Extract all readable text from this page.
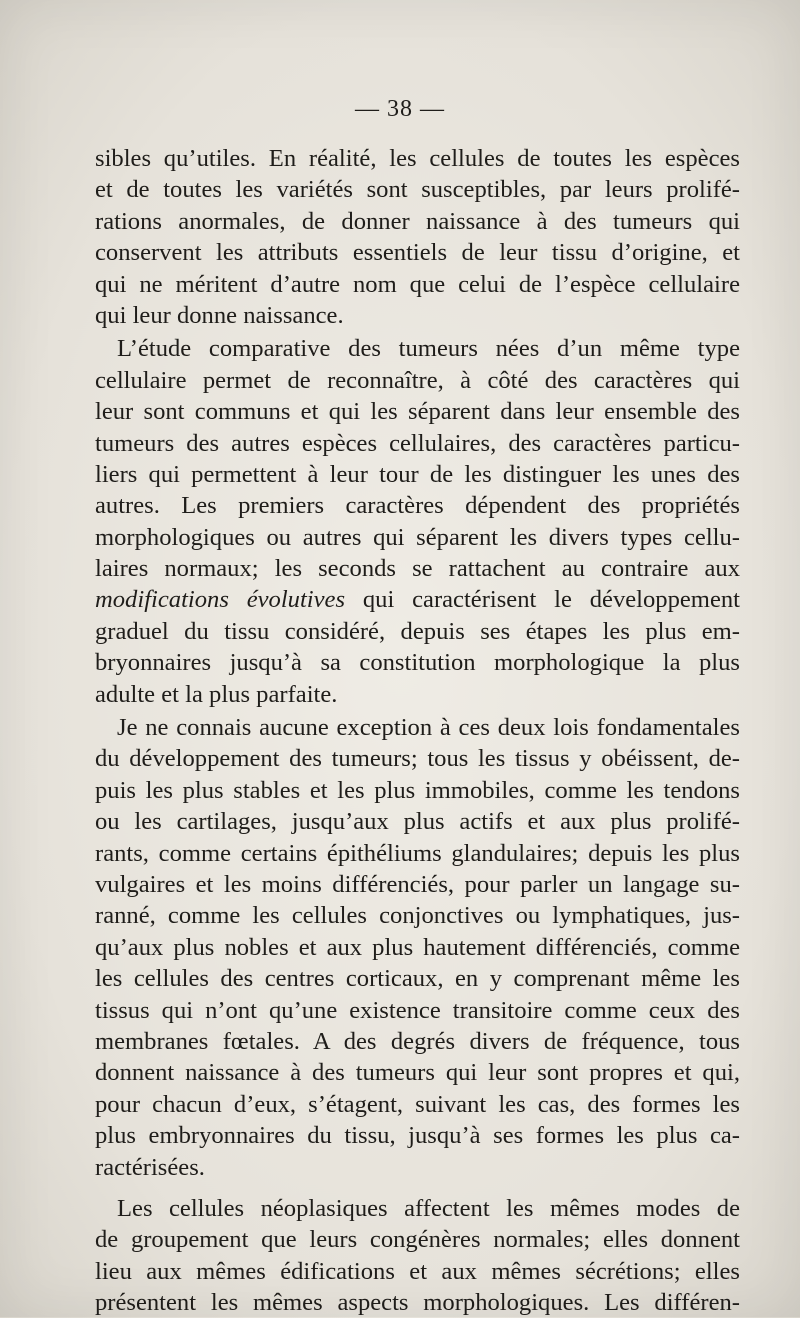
— 38 —
sibles qu’utiles. En réalité, les cellules de toutes les espèces
et de toutes les variétés sont susceptibles, par leurs prolifé-
rations anormales, de donner naissance à des tumeurs qui
conservent les attributs essentiels de leur tissu d’origine, et
qui ne méritent d’autre nom que celui de l’espèce cellulaire
qui leur donne naissance.
L’étude comparative des tumeurs nées d’un même type
cellulaire permet de reconnaître, à côté des caractères qui
leur sont communs et qui les séparent dans leur ensemble des
tumeurs des autres espèces cellulaires, des caractères particu-
liers qui permettent à leur tour de les distinguer les unes des
autres. Les premiers caractères dépendent des propriétés
morphologiques ou autres qui séparent les divers types cellu-
laires normaux; les seconds se rattachent au contraire aux
modifications évolutives qui caractérisent le développement
graduel du tissu considéré, depuis ses étapes les plus em-
bryonnaires jusqu’à sa constitution morphologique la plus
adulte et la plus parfaite.
Je ne connais aucune exception à ces deux lois fondamentales
du développement des tumeurs; tous les tissus y obéissent, de-
puis les plus stables et les plus immobiles, comme les tendons
ou les cartilages, jusqu’aux plus actifs et aux plus prolifé-
rants, comme certains épithéliums glandulaires; depuis les plus
vulgaires et les moins différenciés, pour parler un langage su-
ranné, comme les cellules conjonctives ou lymphatiques, jus-
qu’aux plus nobles et aux plus hautement différenciés, comme
les cellules des centres corticaux, en y comprenant même les
tissus qui n’ont qu’une existence transitoire comme ceux des
membranes fœtales. A des degrés divers de fréquence, tous
donnent naissance à des tumeurs qui leur sont propres et qui,
pour chacun d’eux, s’étagent, suivant les cas, des formes les
plus embryonnaires du tissu, jusqu’à ses formes les plus ca-
ractérisées.
Les cellules néoplasiques affectent les mêmes modes de
de groupement que leurs congénères normales; elles donnent
lieu aux mêmes édifications et aux mêmes sécrétions; elles
présentent les mêmes aspects morphologiques. Les différen-
